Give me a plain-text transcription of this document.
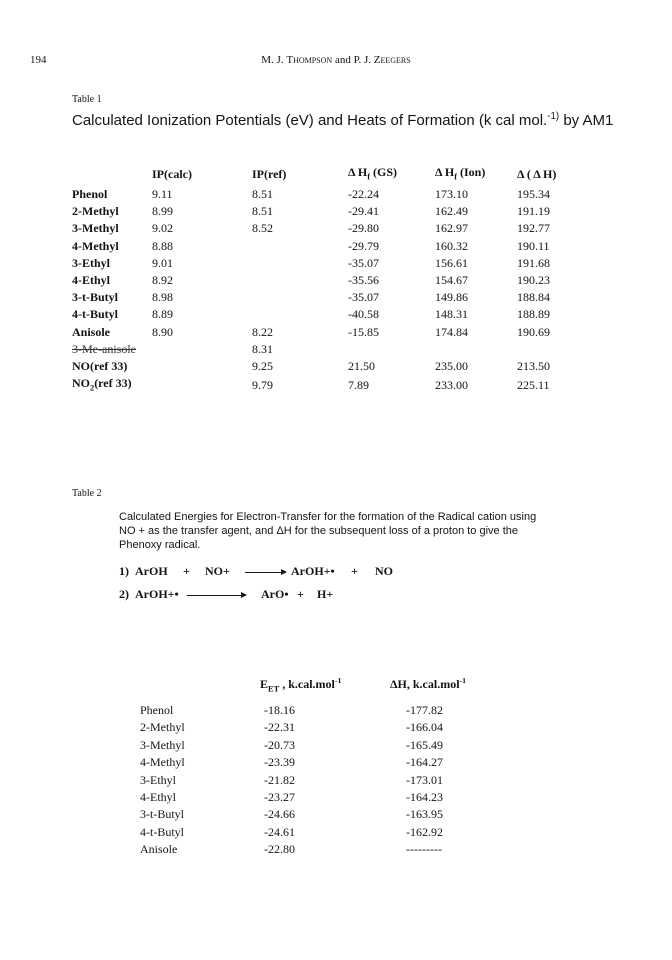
194	M. J. Thompson and P. J. Zeegers
Table 1
Calculated Ionization Potentials (eV) and Heats of Formation (k cal mol.$^{-1)}$ by AM1
	IP(calc)	IP(ref)	Δ $H_f$ (GS)	Δ $H_f$ (Ion)	Δ ( Δ H)
Phenol	9.11	8.51	-22.24	173.10	195.34
2-Methyl	8.99	8.51	-29.41	162.49	191.19
3-Methyl	9.02	8.52	-29.80	162.97	192.77
4-Methyl	8.88		-29.79	160.32	190.11
3-Ethyl	9.01		-35.07	156.61	191.68
4-Ethyl	8.92		-35.56	154.67	190.23
3-t-Butyl	8.98		-35.07	149.86	188.84
4-t-Butyl	8.89		-40.58	148.31	188.89
Anisole	8.90	8.22	-15.85	174.84	190.69
3-Me-anisole		8.31			
NO(ref 33)		9.25	21.50	235.00	213.50
$NO_2(ref$ 33)		9.79	7.89	233.00	225.11
Table 2
Calculated Energies for Electron-Transfer for the formation of the Radical cation using NO + as the transfer agent, and ΔH for the subsequent loss of a proton to give the Phenoxy radical.
1) ArOH + NO+	ArOH+• + NO
2) ArOH+•	ArO• + H+
	$E_{ET}$ , k.cal.mol$^{-1}$	ΔH, k.cal.mol$^{-1}$
Phenol	-18.16	-177.82
2-Methyl	-22.31	-166.04
3-Methyl	-20.73	-165.49
4-Methyl	-23.39	-164.27
3-Ethyl	-21.82	-173.01
4-Ethyl	-23.27	-164.23
3-t-Butyl	-24.66	-163.95
4-t-Butyl	-24.61	-162.92
Anisole	-22.80	---------
